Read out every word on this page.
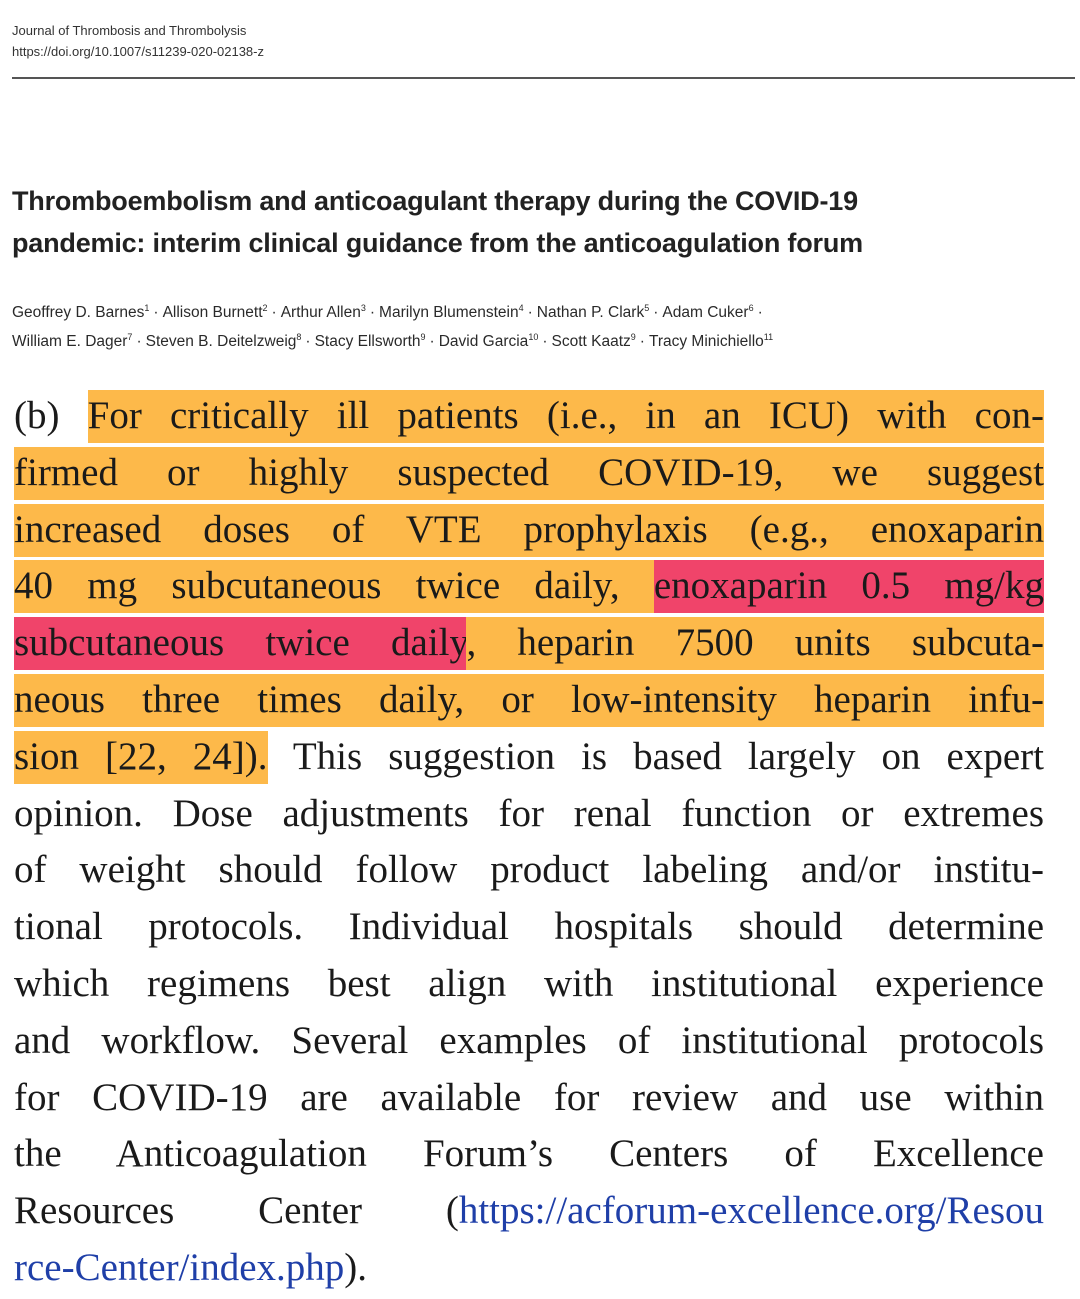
Journal of Thrombosis and Thrombolysis
https://doi.org/10.1007/s11239-020-02138-z
Thromboembolism and anticoagulant therapy during the COVID-19
pandemic: interim clinical guidance from the anticoagulation forum
Geoffrey D. Barnes$^1$ · Allison Burnett$^2$ · Arthur Allen$^3$ · Marilyn Blumenstein$^4$ · Nathan P. Clark$^5$ · Adam Cuker$^6$ ·
William E. Dager$^7$ · Steven B. Deitelzweig$^8$ · Stacy Ellsworth$^9$ · David Garcia$^{10}$ · Scott Kaatz$^9$ · Tracy Minichiello$^{11}$
(b) For critically ill patients (i.e., in an ICU) with con-
firmed or highly suspected COVID-19, we suggest
increased doses of VTE prophylaxis (e.g., enoxaparin
40 mg subcutaneous twice daily, enoxaparin 0.5 mg/kg
subcutaneous twice daily, heparin 7500 units subcuta-
neous three times daily, or low-intensity heparin infu-
sion [22, 24]). This suggestion is based largely on expert
opinion. Dose adjustments for renal function or extremes
of weight should follow product labeling and/or institu-
tional protocols. Individual hospitals should determine
which regimens best align with institutional experience
and workflow. Several examples of institutional protocols
for COVID-19 are available for review and use within
the Anticoagulation Forum’s Centers of Excellence
Resources Center (https://acforum-excellence.org/Resou
rce-Center/index.php).
